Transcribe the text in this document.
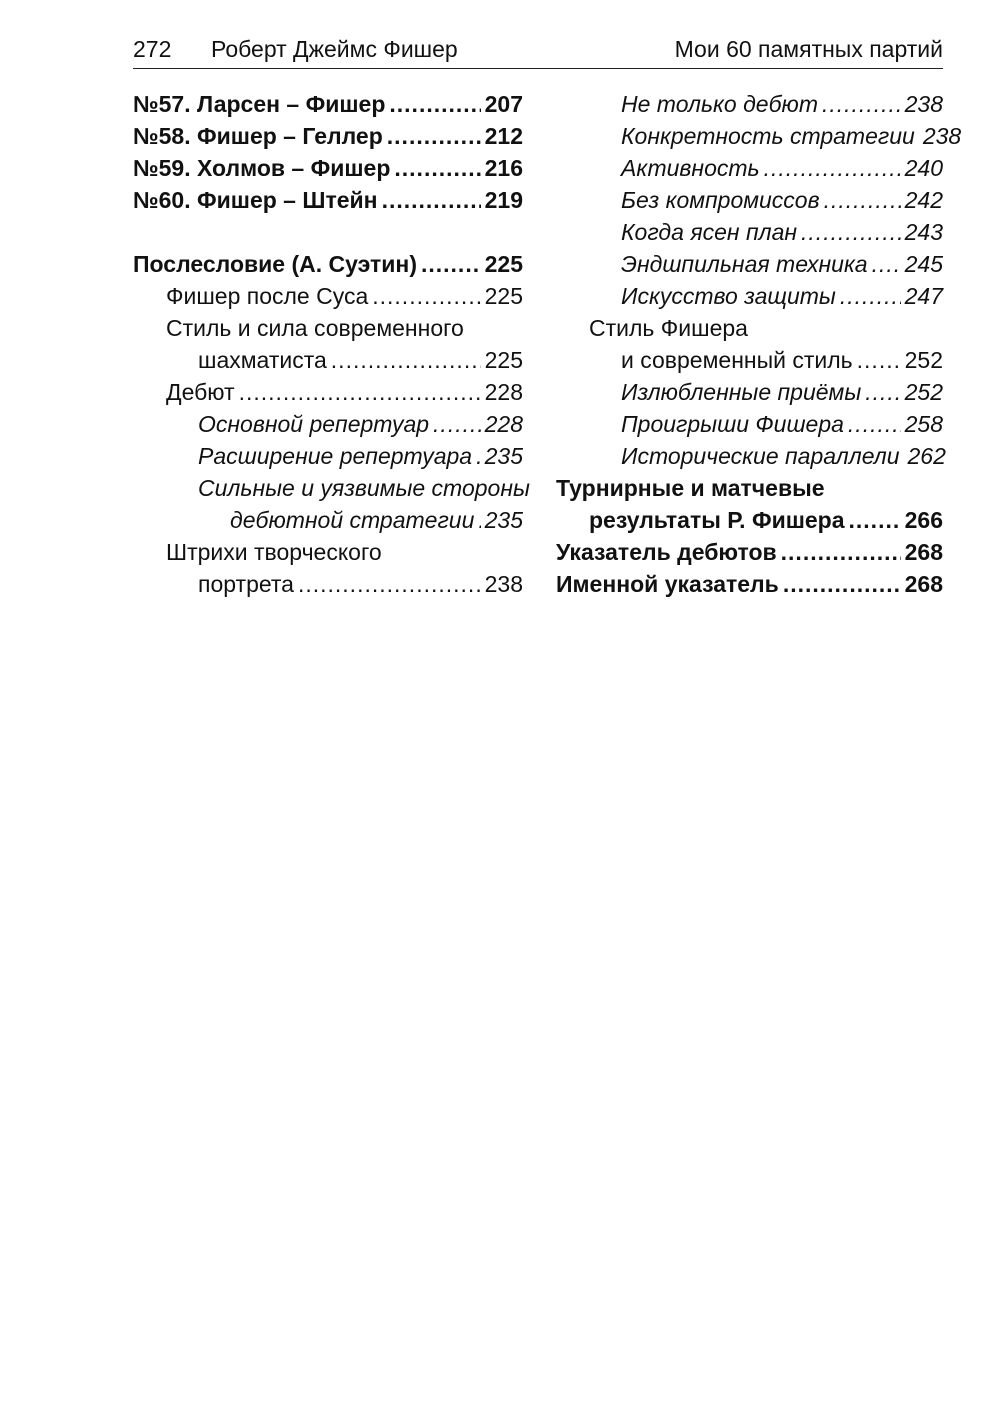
272 Роберт Джеймс Фишер	Мои 60 памятных партий
№57. Ларсен – Фишер .....	207
№58. Фишер – Геллер .....	212
№59. Холмов – Фишер .....	216
№60. Фишер – Штейн .....	219
Послесловие (А. Суэтин) .....	225
Фишер после Суса .....	225
Стиль и сила современного
шахматиста .....	225
Дебют .....	228
Основной репертуар ..... 228
Расширение репертуара ..... 235
Сильные и уязвимые стороны
дебютной стратегии ..... 235
Штрихи творческого
портрета .....	238
Не только дебют .....	238
Конкретность стратегии 238
Активность .....	240
Без компромиссов .....	242
Когда ясен план .....	243
Эндшпильная техника ..... 245
Искусство защиты .....	247
Стиль Фишера
и современный стиль ..... 252
Излюбленные приёмы ..... 252
Проигрыши Фишера .....	258
Исторические параллели 262
Турнирные и матчевые
результаты Р. Фишера .....	266
Указатель дебютов .....	268
Именной указатель .....	268
